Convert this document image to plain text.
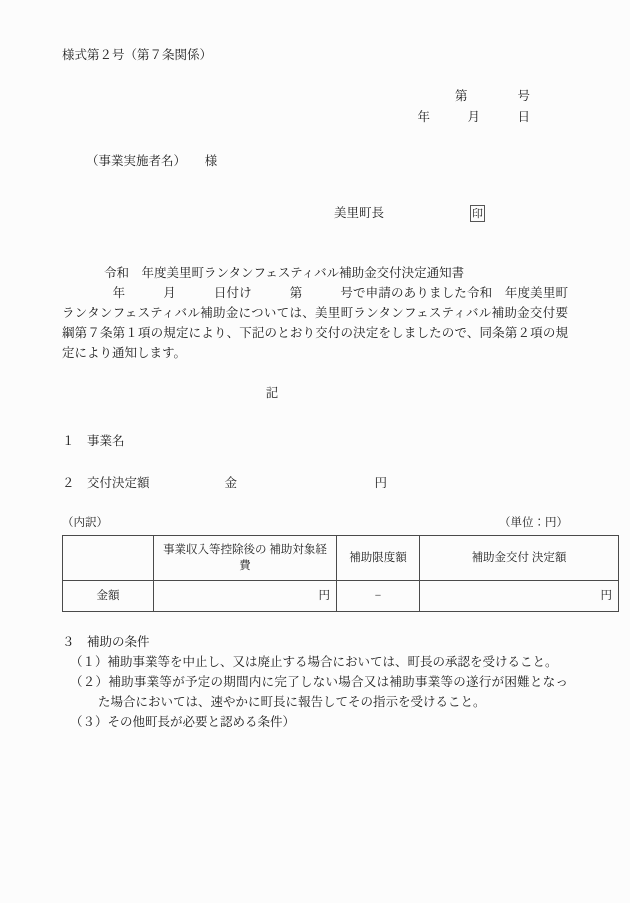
様式第２号（第７条関係）
第　　　　号
年　　　月　　　日
（事業実施者名）　　様
美里町長	印
令和　年度美里町ランタンフェスティバル補助金交付決定通知書
　　　　年　　　月　　　日付け　　　第　　　号で申請のありました令和　年度美里町ランタンフェスティバル補助金については、美里町ランタンフェスティバル補助金交付要綱第７条第１項の規定により、下記のとおり交付の決定をしましたので、同条第２項の規定により通知します。
記
１　事業名
２　交付決定額　　　　　　金　　　　　　　　　　　円
（内訳）	（単位：円）
	事業収入等控除後の 補助対象経費	補助限度額	補助金交付 決定額
金額	円	−	円
３　補助の条件
（１）補助事業等を中止し、又は廃止する場合においては、町長の承認を受けること。
（２）補助事業等が予定の期間内に完了しない場合又は補助事業等の遂行が困難となった場合においては、速やかに町長に報告してその指示を受けること。
（３）その他町長が必要と認める条件）
